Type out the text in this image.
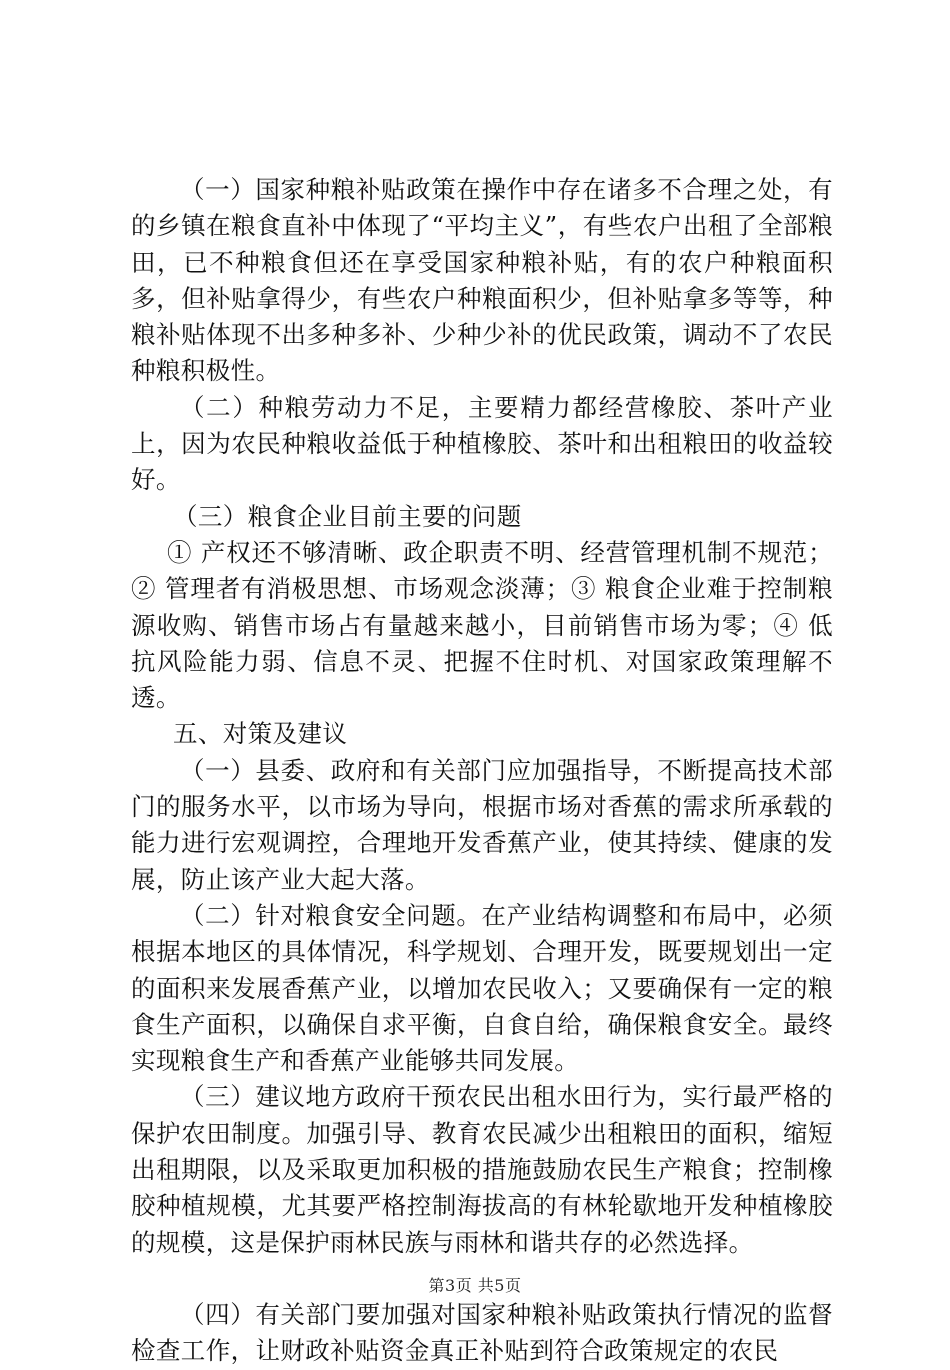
（一）国家种粮补贴政策在操作中存在诸多不合理之处，有的乡镇在粮食直补中体现了“平均主义”，有些农户出租了全部粮田，已不种粮食但还在享受国家种粮补贴，有的农户种粮面积多，但补贴拿得少，有些农户种粮面积少，但补贴拿多等等，种粮补贴体现不出多种多补、少种少补的优民政策，调动不了农民种粮积极性。

（二）种粮劳动力不足，主要精力都经营橡胶、茶叶产业上，因为农民种粮收益低于种植橡胶、茶叶和出租粮田的收益较好。

（三）粮食企业目前主要的问题

① 产权还不够清晰、政企职责不明、经营管理机制不规范；② 管理者有消极思想、市场观念淡薄；③ 粮食企业难于控制粮源收购、销售市场占有量越来越小，目前销售市场为零；④ 低抗风险能力弱、信息不灵、把握不住时机、对国家政策理解不透。

五、对策及建议

（一）县委、政府和有关部门应加强指导，不断提高技术部门的服务水平，以市场为导向，根据市场对香蕉的需求所承载的能力进行宏观调控，合理地开发香蕉产业，使其持续、健康的发展，防止该产业大起大落。

（二）针对粮食安全问题。在产业结构调整和布局中，必须根据本地区的具体情况，科学规划、合理开发，既要规划出一定的面积来发展香蕉产业，以增加农民收入；又要确保有一定的粮食生产面积，以确保自求平衡，自食自给，确保粮食安全。最终实现粮食生产和香蕉产业能够共同发展。

（三）建议地方政府干预农民出租水田行为，实行最严格的保护农田制度。加强引导、教育农民减少出租粮田的面积，缩短出租期限，以及采取更加积极的措施鼓励农民生产粮食；控制橡胶种植规模，尤其要严格控制海拔高的有林轮歇地开发种植橡胶的规模，这是保护雨林民族与雨林和谐共存的必然选择。

（四）有关部门要加强对国家种粮补贴政策执行情况的监督检查工作，让财政补贴资金真正补贴到符合政策规定的农民

第3页 共5页
